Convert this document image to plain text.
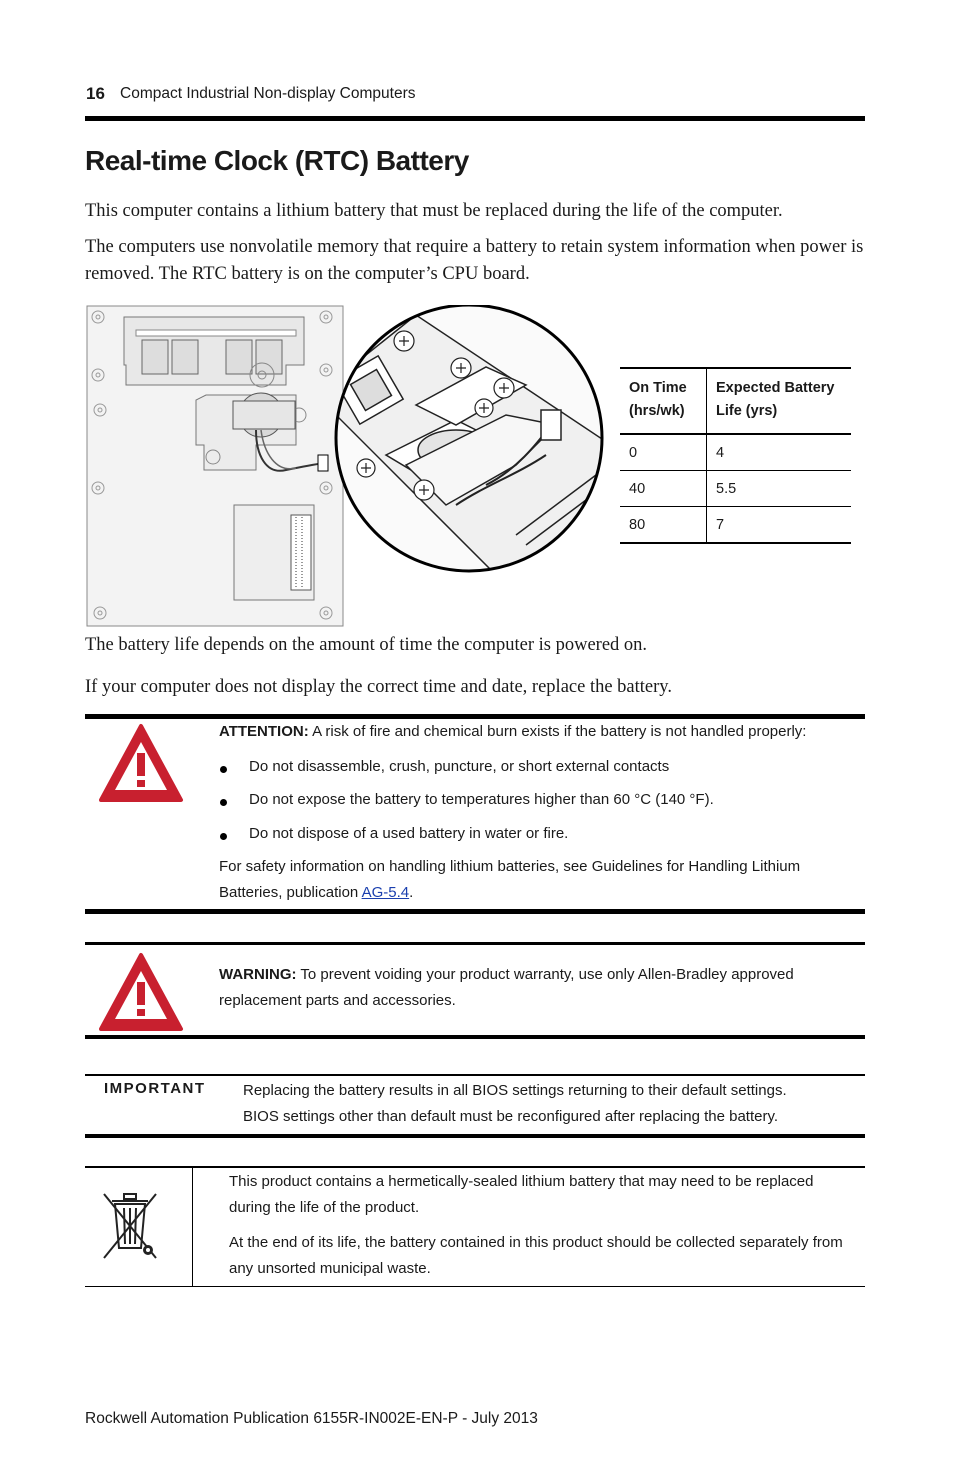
16 Compact Industrial Non-display Computers
Real-time Clock (RTC) Battery
This computer contains a lithium battery that must be replaced during the life of the computer.
The computers use nonvolatile memory that require a battery to retain system information when power is removed. The RTC battery is on the computer’s CPU board.
On Time (hrs/wk)	Expected Battery Life (yrs)
0	4
40	5.5
80	7
The battery life depends on the amount of time the computer is powered on.
If your computer does not display the correct time and date, replace the battery.
ATTENTION: A risk of fire and chemical burn exists if the battery is not handled properly:
Do not disassemble, crush, puncture, or short external contacts
Do not expose the battery to temperatures higher than 60 °C (140 °F).
Do not dispose of a used battery in water or fire.
For safety information on handling lithium batteries, see Guidelines for Handling Lithium Batteries, publication AG-5.4.
WARNING: To prevent voiding your product warranty, use only Allen-Bradley approved replacement parts and accessories.
IMPORTANT Replacing the battery results in all BIOS settings returning to their default settings. BIOS settings other than default must be reconfigured after replacing the battery.
This product contains a hermetically-sealed lithium battery that may need to be replaced during the life of the product.
At the end of its life, the battery contained in this product should be collected separately from any unsorted municipal waste.
Rockwell Automation Publication 6155R-IN002E-EN-P - July 2013
